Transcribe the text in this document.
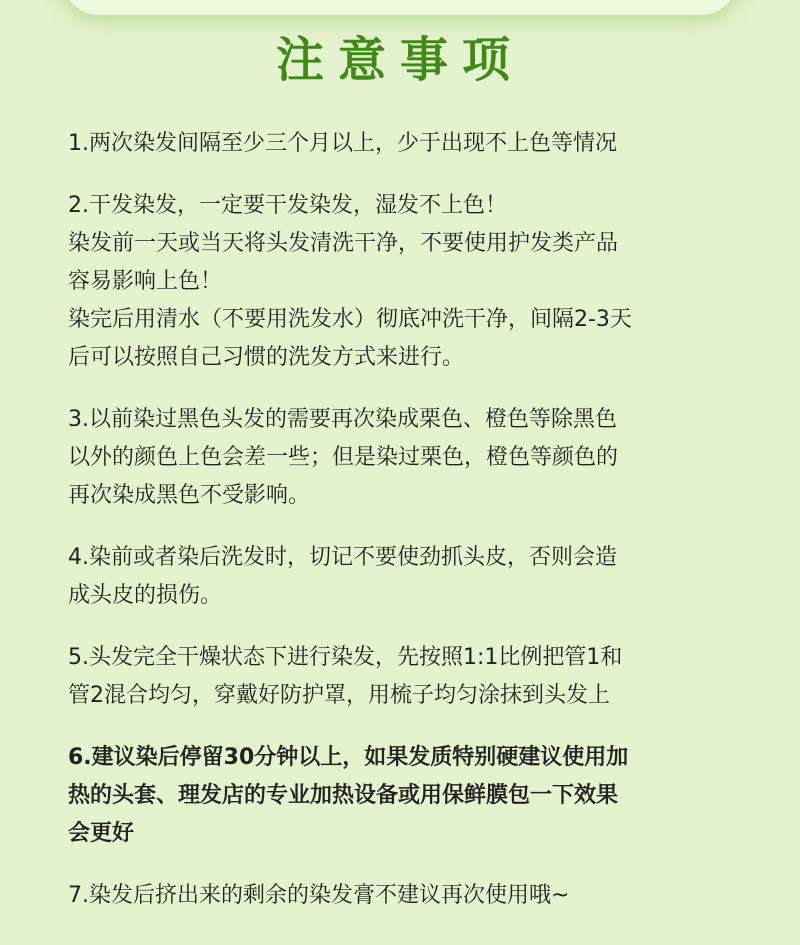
注意事项
1.两次染发间隔至少三个月以上，少于出现不上色等情况
2.干发染发，一定要干发染发，湿发不上色！
染发前一天或当天将头发清洗干净，不要使用护发类产品
容易影响上色！
染完后用清水（不要用洗发水）彻底冲洗干净，间隔2-3天
后可以按照自己习惯的洗发方式来进行。
3.以前染过黑色头发的需要再次染成栗色、橙色等除黑色
以外的颜色上色会差一些；但是染过栗色，橙色等颜色的
再次染成黑色不受影响。
4.染前或者染后洗发时，切记不要使劲抓头皮，否则会造
成头皮的损伤。
5.头发完全干燥状态下进行染发，先按照1:1比例把管1和
管2混合均匀，穿戴好防护罩，用梳子均匀涂抹到头发上
6.建议染后停留30分钟以上，如果发质特别硬建议使用加
热的头套、理发店的专业加热设备或用保鲜膜包一下效果
会更好
7.染发后挤出来的剩余的染发膏不建议再次使用哦~
